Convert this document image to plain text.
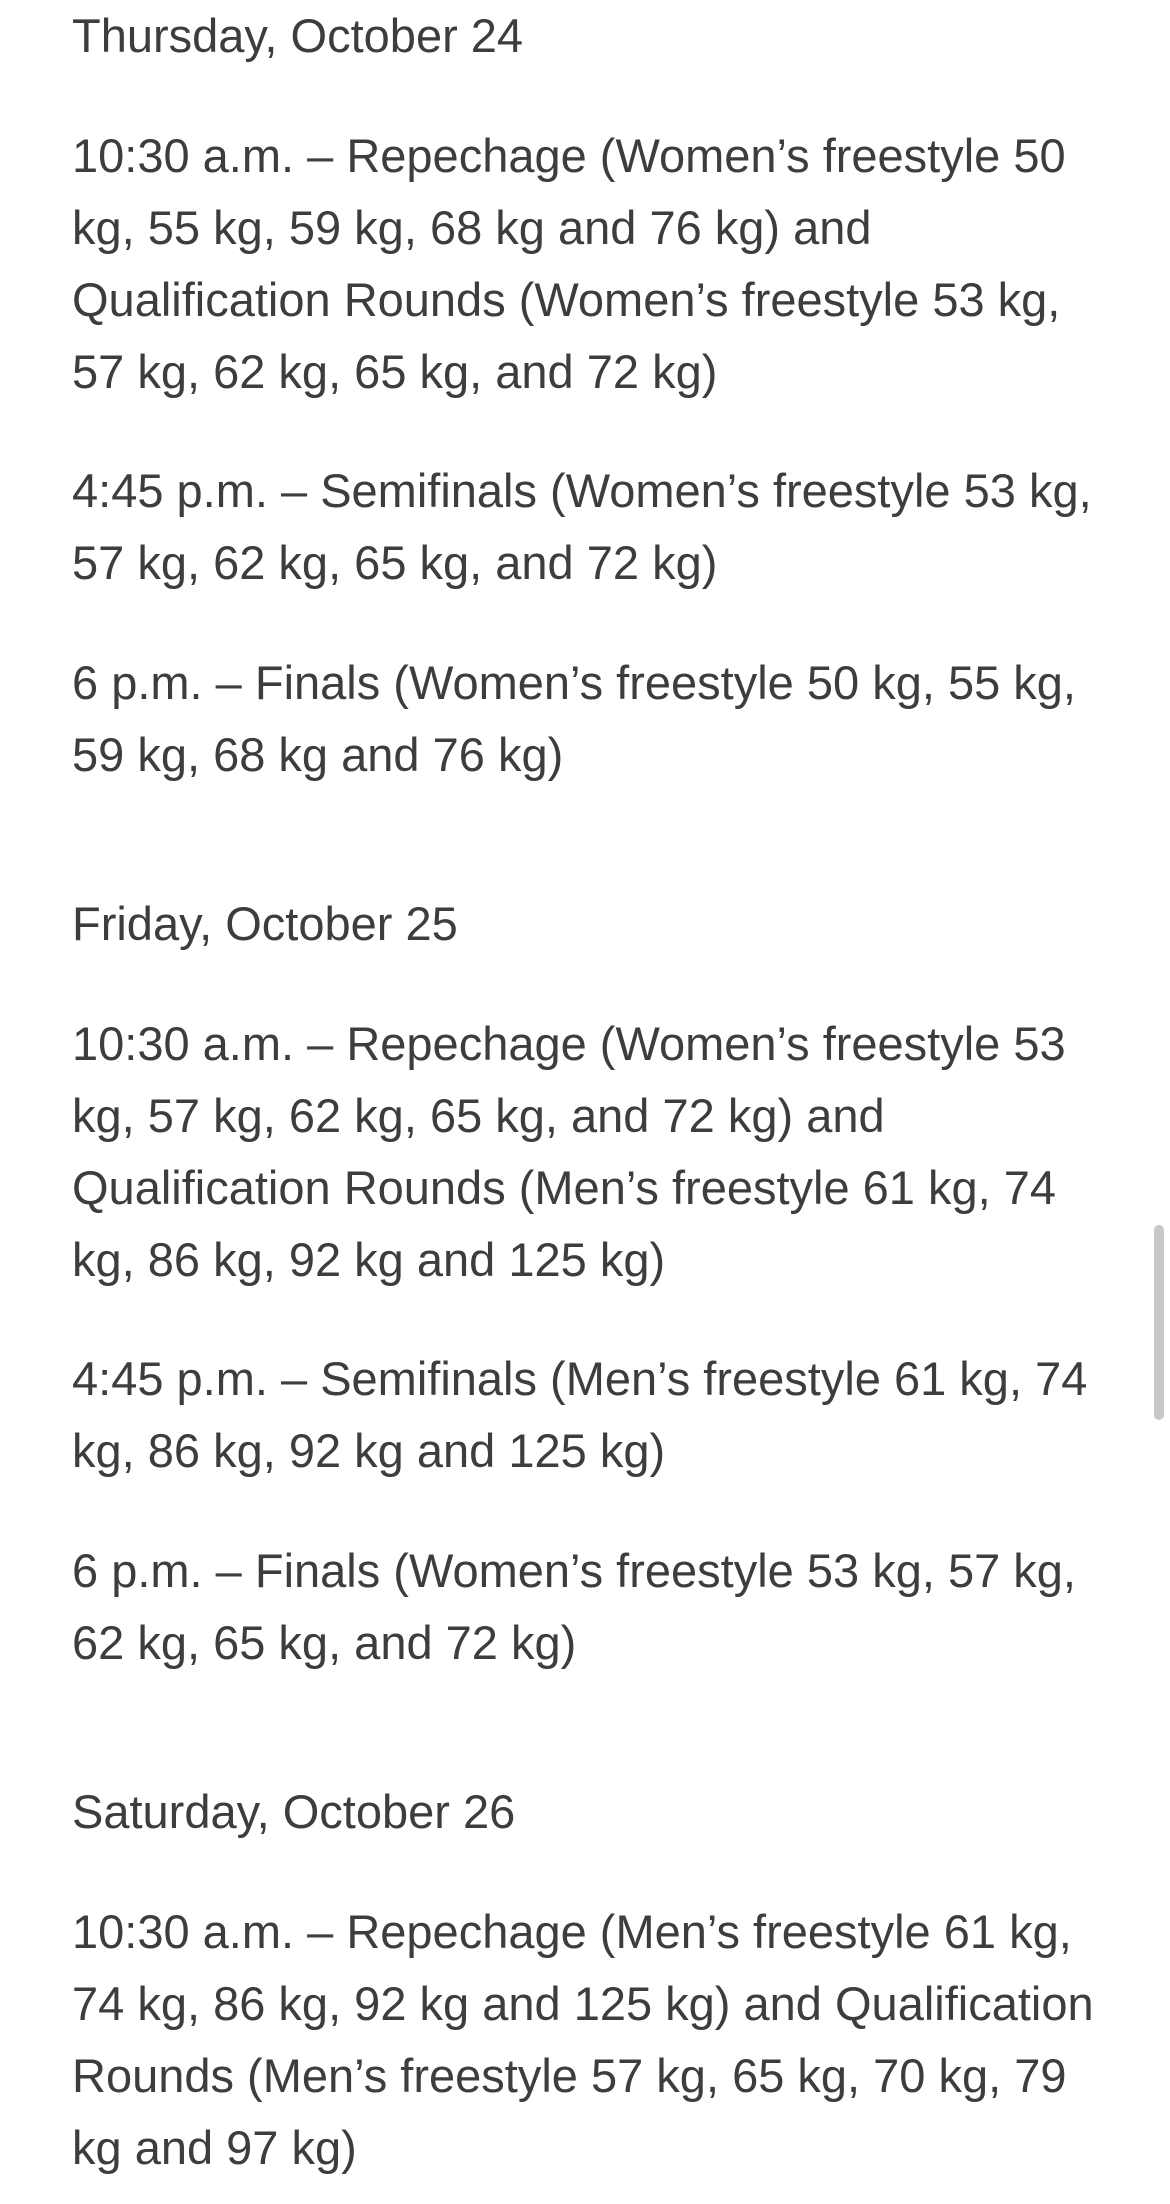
Thursday, October 24

10:30 a.m. – Repechage (Women’s freestyle 50 kg, 55 kg, 59 kg, 68 kg and 76 kg) and Qualification Rounds (Women’s freestyle 53 kg, 57 kg, 62 kg, 65 kg, and 72 kg)

4:45 p.m. – Semifinals (Women’s freestyle 53 kg, 57 kg, 62 kg, 65 kg, and 72 kg)

6 p.m. – Finals (Women’s freestyle 50 kg, 55 kg, 59 kg, 68 kg and 76 kg)

Friday, October 25

10:30 a.m. – Repechage (Women’s freestyle 53 kg, 57 kg, 62 kg, 65 kg, and 72 kg) and Qualification Rounds (Men’s freestyle 61 kg, 74 kg, 86 kg, 92 kg and 125 kg)

4:45 p.m. – Semifinals (Men’s freestyle 61 kg, 74 kg, 86 kg, 92 kg and 125 kg)

6 p.m. – Finals (Women’s freestyle 53 kg, 57 kg, 62 kg, 65 kg, and 72 kg)

Saturday, October 26

10:30 a.m. – Repechage (Men’s freestyle 61 kg, 74 kg, 86 kg, 92 kg and 125 kg) and Qualification Rounds (Men’s freestyle 57 kg, 65 kg, 70 kg, 79 kg and 97 kg)
